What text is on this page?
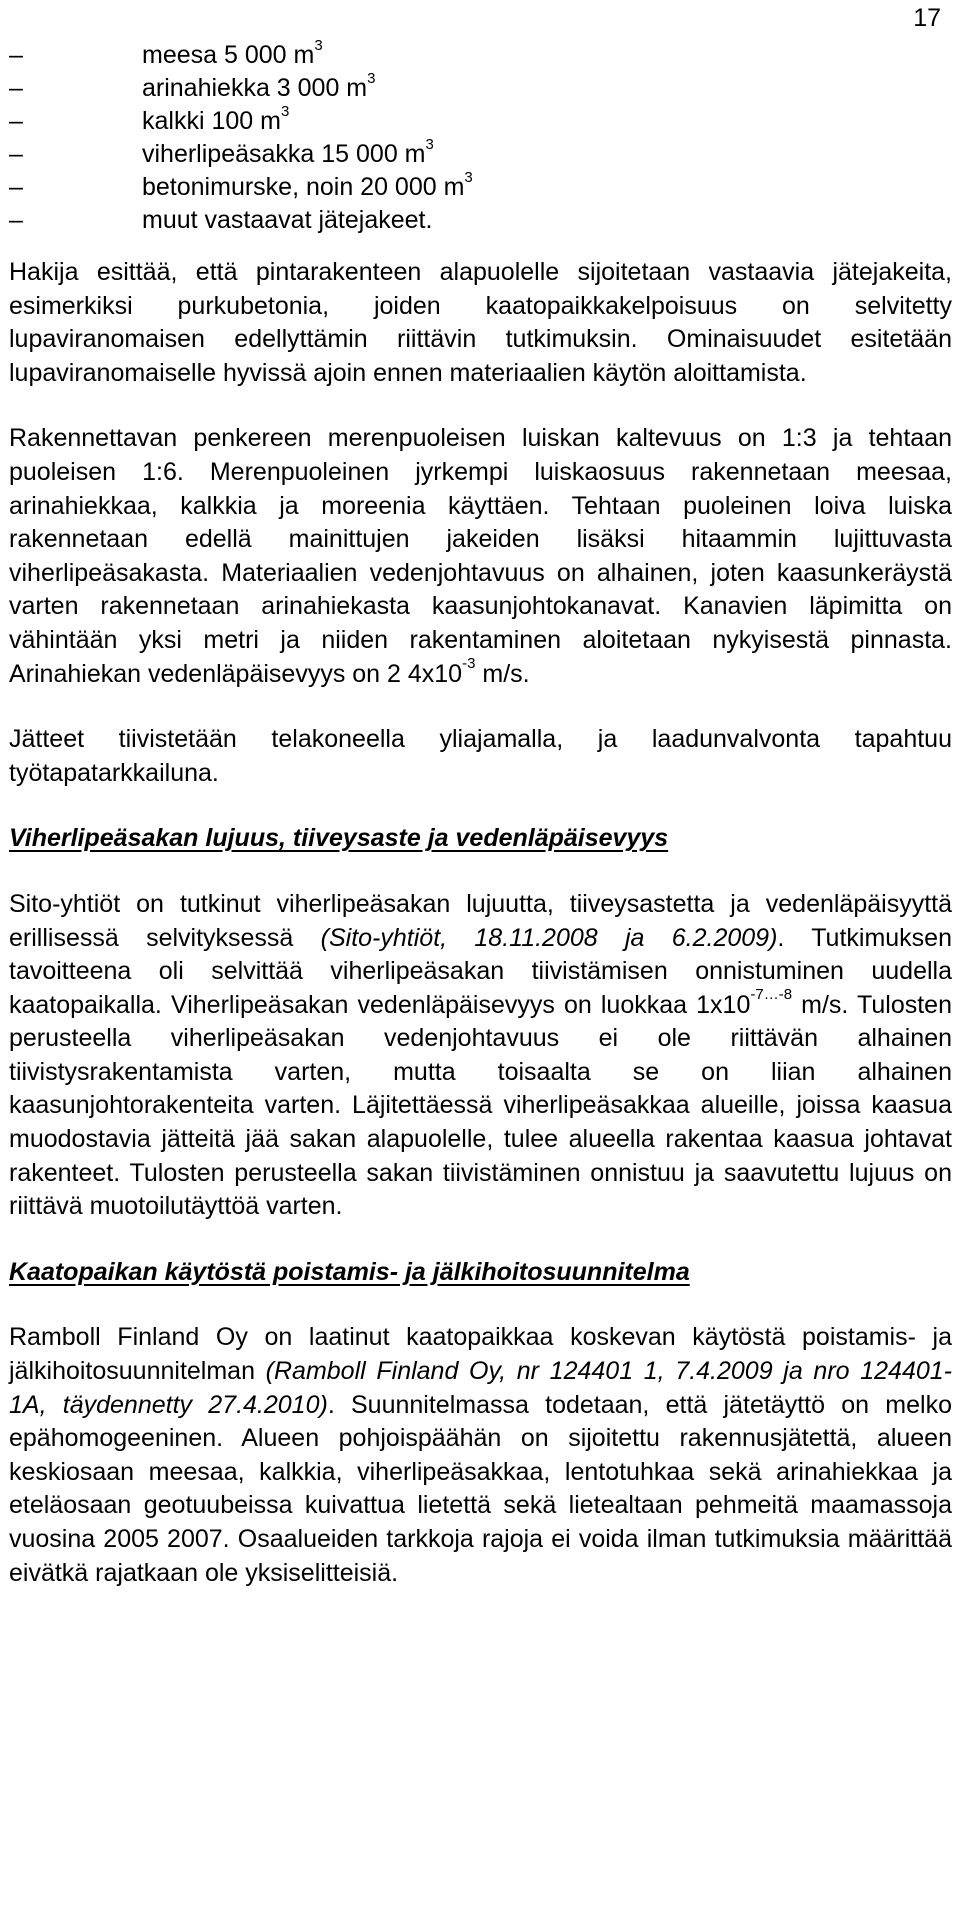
17
–	meesa 5 000 $m^3$
–	arinahiekka 3 000 $m^3$
–	kalkki 100 $m^3$
–	viherlipeäsakka 15 000 $m^3$
–	betonimurske, noin 20 000 $m^3$
–	muut vastaavat jätejakeet.

Hakija esittää, että pintarakenteen alapuolelle sijoitetaan vastaavia jätejakeita, esimerkiksi purkubetonia, joiden kaatopaikkakelpoisuus on selvitetty lupaviranomaisen edellyttämin riittävin tutkimuksin. Ominaisuudet esitetään lupaviranomaiselle hyvissä ajoin ennen materiaalien käytön aloittamista.

Rakennettavan penkereen merenpuoleisen luiskan kaltevuus on 1:3 ja tehtaan puoleisen 1:6. Merenpuoleinen jyrkempi luiskaosuus rakennetaan meesaa, arinahiekkaa, kalkkia ja moreenia käyttäen. Tehtaan puoleinen loiva luiska rakennetaan edellä mainittujen jakeiden lisäksi hitaammin lujittuvasta viherlipeäsakasta. Materiaalien vedenjohtavuus on alhainen, joten kaasunkeräystä varten rakennetaan arinahiekasta kaasunjohtokanavat. Kanavien läpimitta on vähintään yksi metri ja niiden rakentaminen aloitetaan nykyisestä pinnasta. Arinahiekan vedenläpäisevyys on 2 $4x10^{-3}$ m/s.

Jätteet tiivistetään telakoneella yliajamalla, ja laadunvalvonta tapahtuu työtapatarkkailuna.

Viherlipeäsakan lujuus, tiiveysaste ja vedenläpäisevyys

Sito-yhtiöt on tutkinut viherlipeäsakan lujuutta, tiiveysastetta ja vedenläpäisyyttä erillisessä selvityksessä (Sito-yhtiöt, 18.11.2008 ja 6.2.2009). Tutkimuksen tavoitteena oli selvittää viherlipeäsakan tiivistämisen onnistuminen uudella kaatopaikalla. Viherlipeäsakan vedenläpäisevyys on luokkaa $1x10^{-7\dots-8}$ m/s. Tulosten perusteella viherlipeäsakan vedenjohtavuus ei ole riittävän alhainen tiivistysrakentamista varten, mutta toisaalta se on liian alhainen kaasunjohtorakenteita varten. Läjitettäessä viherlipeäsakkaa alueille, joissa kaasua muodostavia jätteitä jää sakan alapuolelle, tulee alueella rakentaa kaasua johtavat rakenteet. Tulosten perusteella sakan tiivistäminen onnistuu ja saavutettu lujuus on riittävä muotoilutäyttöä varten.

Kaatopaikan käytöstä poistamis- ja jälkihoitosuunnitelma

Ramboll Finland Oy on laatinut kaatopaikkaa koskevan käytöstä poistamis- ja jälkihoitosuunnitelman (Ramboll Finland Oy, nr 124401 1, 7.4.2009 ja nro 124401-1A, täydennetty 27.4.2010). Suunnitelmassa todetaan, että jätetäyttö on melko epähomogeeninen. Alueen pohjoispäähän on sijoitettu rakennusjätettä, alueen keskiosaan meesaa, kalkkia, viherlipeäsakkaa, lentotuhkaa sekä arinahiekkaa ja eteläosaan geotuubeissa kuivattua lietettä sekä lietealtaan pehmeitä maamassoja vuosina 2005 2007. Osaalueiden tarkkoja rajoja ei voida ilman tutkimuksia määrittää eivätkä rajatkaan ole yksiselitteisiä.
